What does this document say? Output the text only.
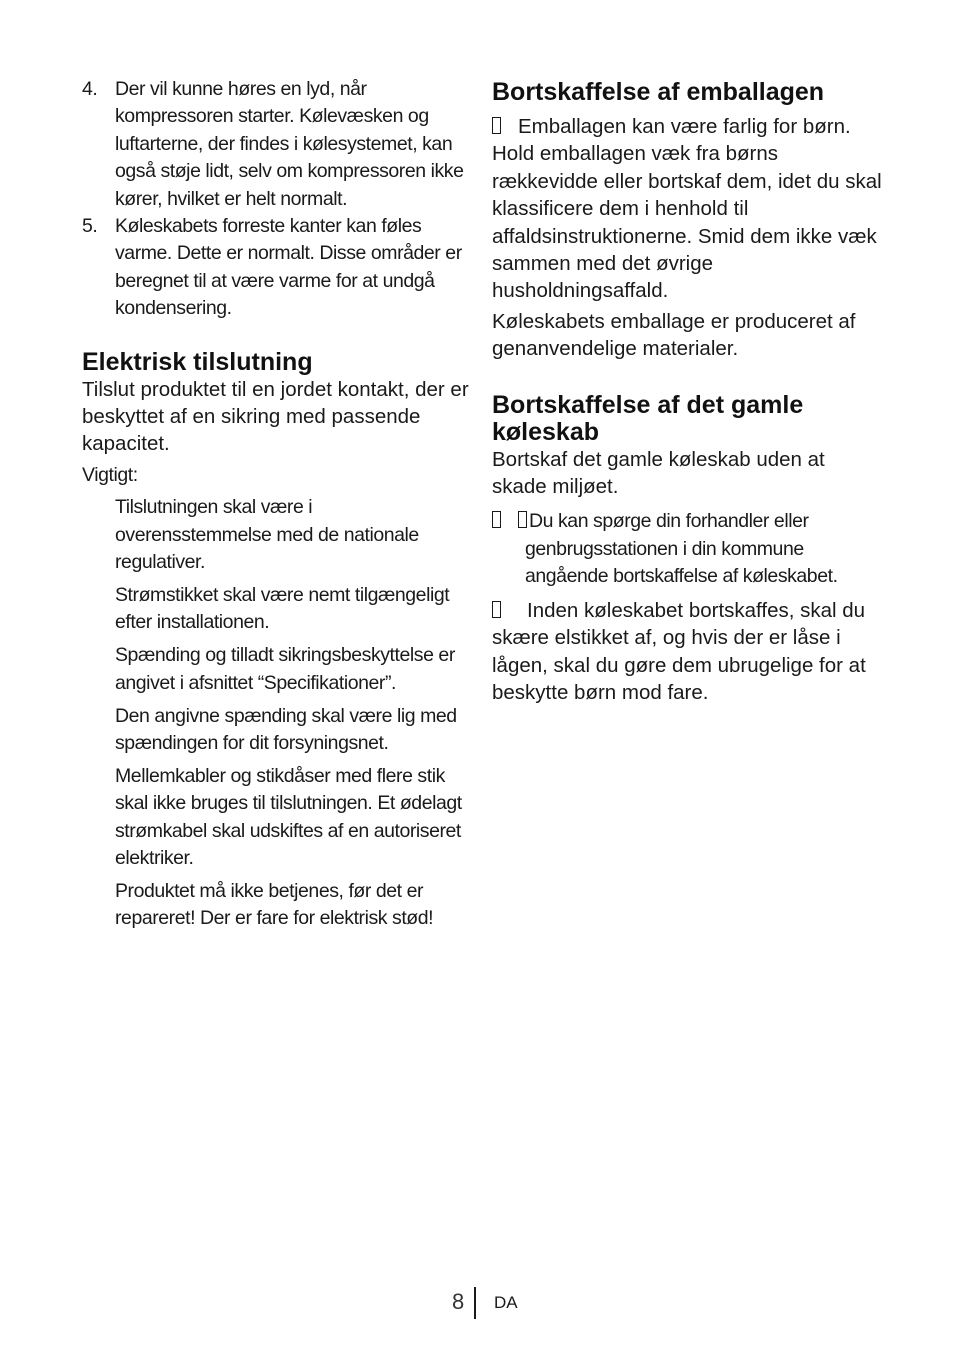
4. Der vil kunne høres en lyd, når kompressoren starter. Kølevæsken og luftarterne, der findes i kølesystemet, kan også støje lidt, selv om kompressoren ikke kører, hvilket er helt normalt.
5. Køleskabets forreste kanter kan føles varme. Dette er normalt. Disse områder er beregnet til at være varme for at undgå kondensering.
Elektrisk tilslutning

Tilslut produktet til en jordet kontakt, der er beskyttet af en sikring med passende kapacitet.

Vigtigt:

Tilslutningen skal være i overensstemmelse med de nationale regulativer.

Strømstikket skal være nemt tilgængeligt efter installationen.

Spænding og tilladt sikringsbeskyttelse er angivet i afsnittet “Specifikationer”.

Den angivne spænding skal være lig med spændingen for dit forsyningsnet.

Mellemkabler og stikdåser med flere stik skal ikke bruges til tilslutningen. Et ødelagt strømkabel skal udskiftes af en autoriseret elektriker.

Produktet må ikke betjenes, før det er repareret! Der er fare for elektrisk stød!

Bortskaffelse af emballagen

Emballagen kan være farlig for børn. Hold emballagen væk fra børns rækkevidde eller bortskaf dem, idet du skal klassificere dem i henhold til affaldsinstruktionerne. Smid dem ikke væk sammen med det øvrige husholdningsaffald.

Køleskabets emballage er produceret af genanvendelige materialer.

Bortskaffelse af det gamle køleskab

Bortskaf det gamle køleskab uden at skade miljøet.

Du kan spørge din forhandler eller genbrugsstationen i din kommune angående bortskaffelse af køleskabet.

Inden køleskabet bortskaffes, skal du skære elstikket af, og hvis der er låse i lågen, skal du gøre dem ubrugelige for at beskytte børn mod fare.

8 DA
